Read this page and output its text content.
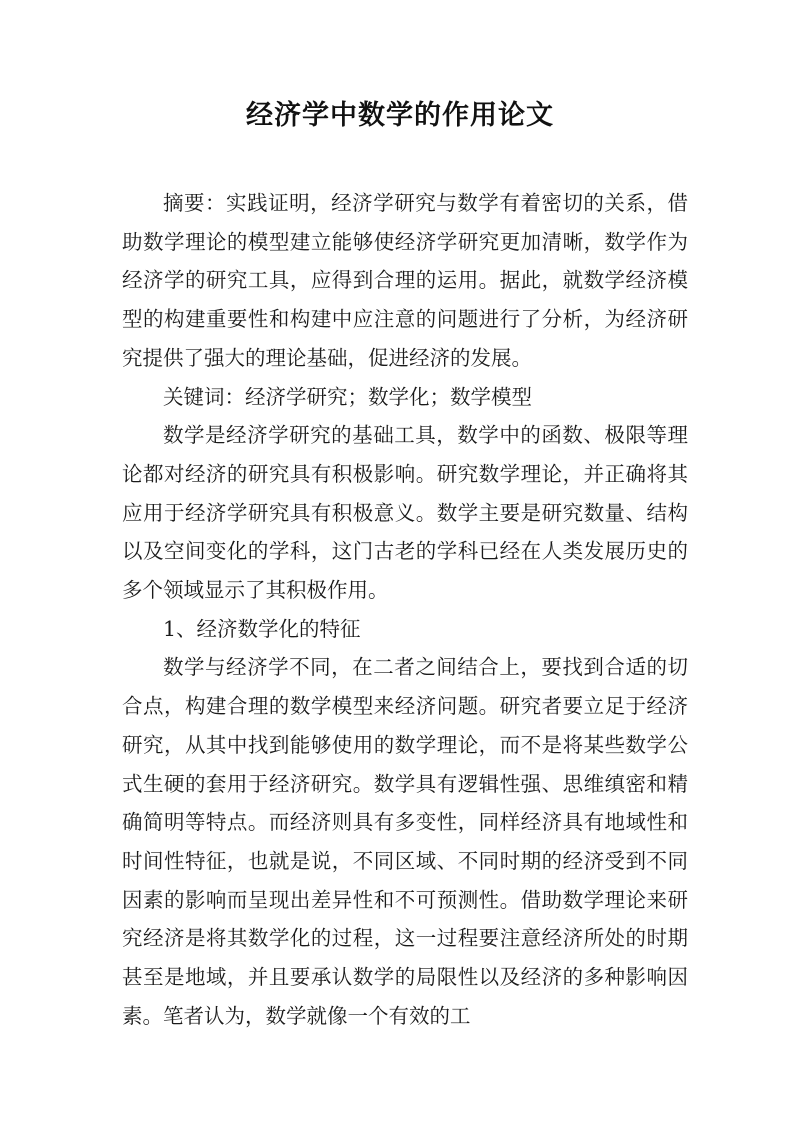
经济学中数学的作用论文

摘要：实践证明，经济学研究与数学有着密切的关系，借助数学理论的模型建立能够使经济学研究更加清晰，数学作为经济学的研究工具，应得到合理的运用。据此，就数学经济模型的构建重要性和构建中应注意的问题进行了分析，为经济研究提供了强大的理论基础，促进经济的发展。

关键词：经济学研究；数学化；数学模型

数学是经济学研究的基础工具，数学中的函数、极限等理论都对经济的研究具有积极影响。研究数学理论，并正确将其应用于经济学研究具有积极意义。数学主要是研究数量、结构以及空间变化的学科，这门古老的学科已经在人类发展历史的多个领域显示了其积极作用。

1、经济数学化的特征

数学与经济学不同，在二者之间结合上，要找到合适的切合点，构建合理的数学模型来经济问题。研究者要立足于经济研究，从其中找到能够使用的数学理论，而不是将某些数学公式生硬的套用于经济研究。数学具有逻辑性强、思维缜密和精确简明等特点。而经济则具有多变性，同样经济具有地域性和时间性特征，也就是说，不同区域、不同时期的经济受到不同因素的影响而呈现出差异性和不可预测性。借助数学理论来研究经济是将其数学化的过程，这一过程要注意经济所处的时期甚至是地域，并且要承认数学的局限性以及经济的多种影响因素。笔者认为，数学就像一个有效的工
